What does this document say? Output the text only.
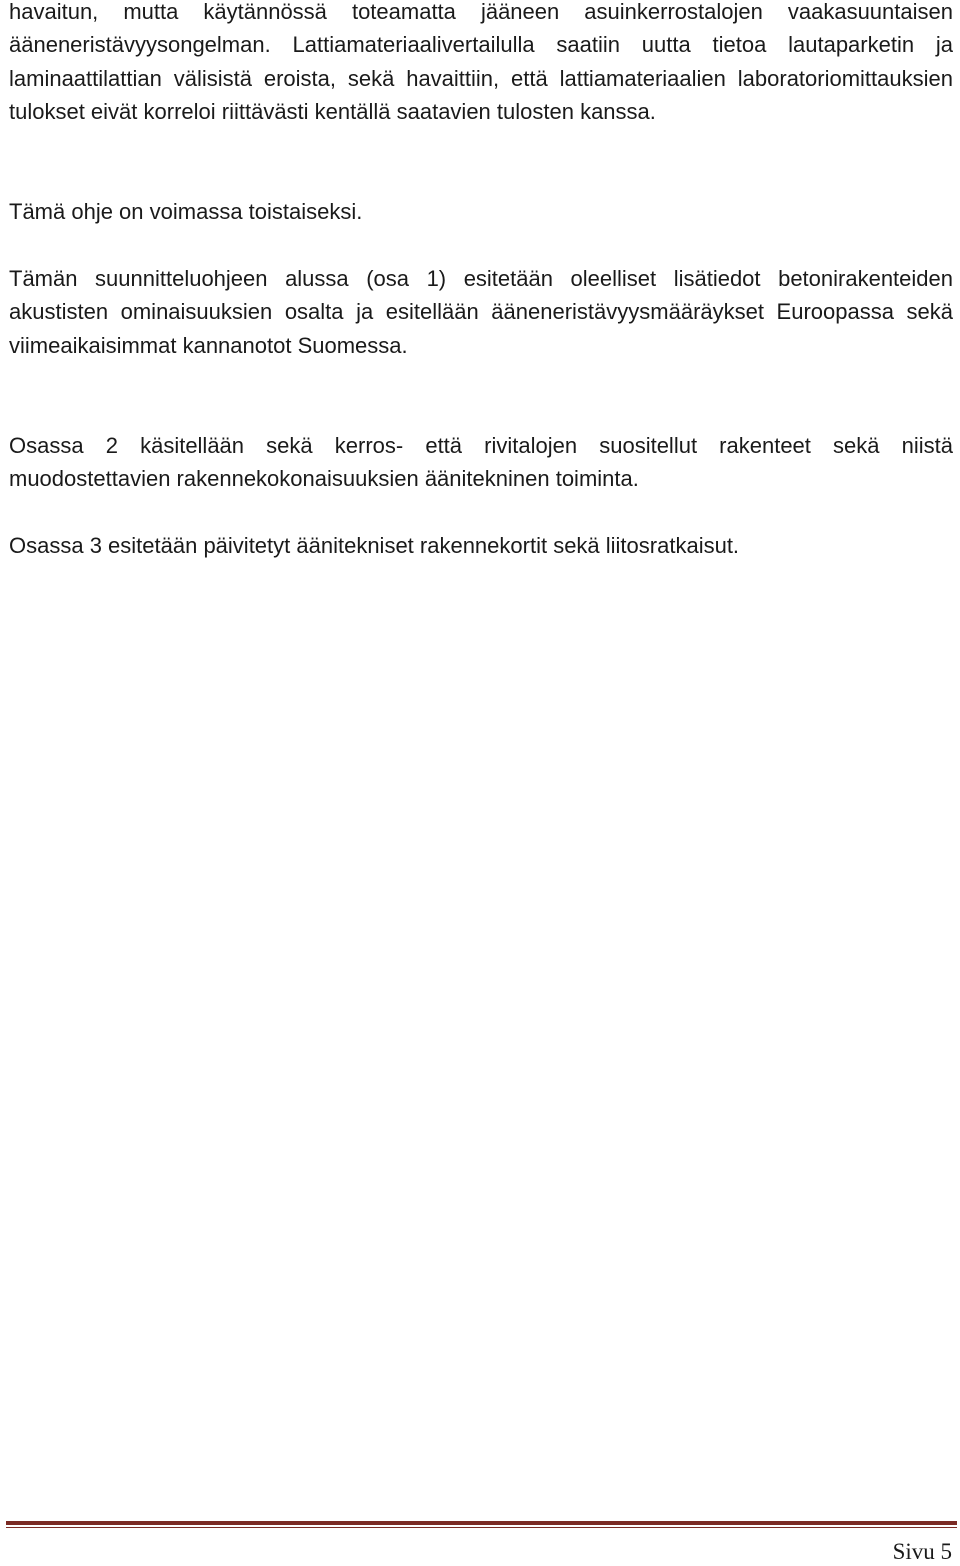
havaitun, mutta käytännössä toteamatta jääneen asuinkerrostalojen vaakasuuntaisen ääneneristävyysongelman. Lattiamateriaalivertailulla saatiin uutta tietoa lautaparketin ja laminaattilattian välisistä eroista, sekä havaittiin, että lattiamateriaalien laboratoriomittauksien tulokset eivät korreloi riittävästi kentällä saatavien tulosten kanssa.

Tämä ohje on voimassa toistaiseksi.

Tämän suunnitteluohjeen alussa (osa 1) esitetään oleelliset lisätiedot betonirakenteiden akustisten ominaisuuksien osalta ja esitellään ääneneristävyysmääräykset Euroopassa sekä viimeaikaisimmat kannanotot Suomessa.

Osassa 2 käsitellään sekä kerros- että rivitalojen suositellut rakenteet sekä niistä muodostettavien rakennekokonaisuuksien äänitekninen toiminta.

Osassa 3 esitetään päivitetyt äänitekniset rakennekortit sekä liitosratkaisut.

Sivu 5
